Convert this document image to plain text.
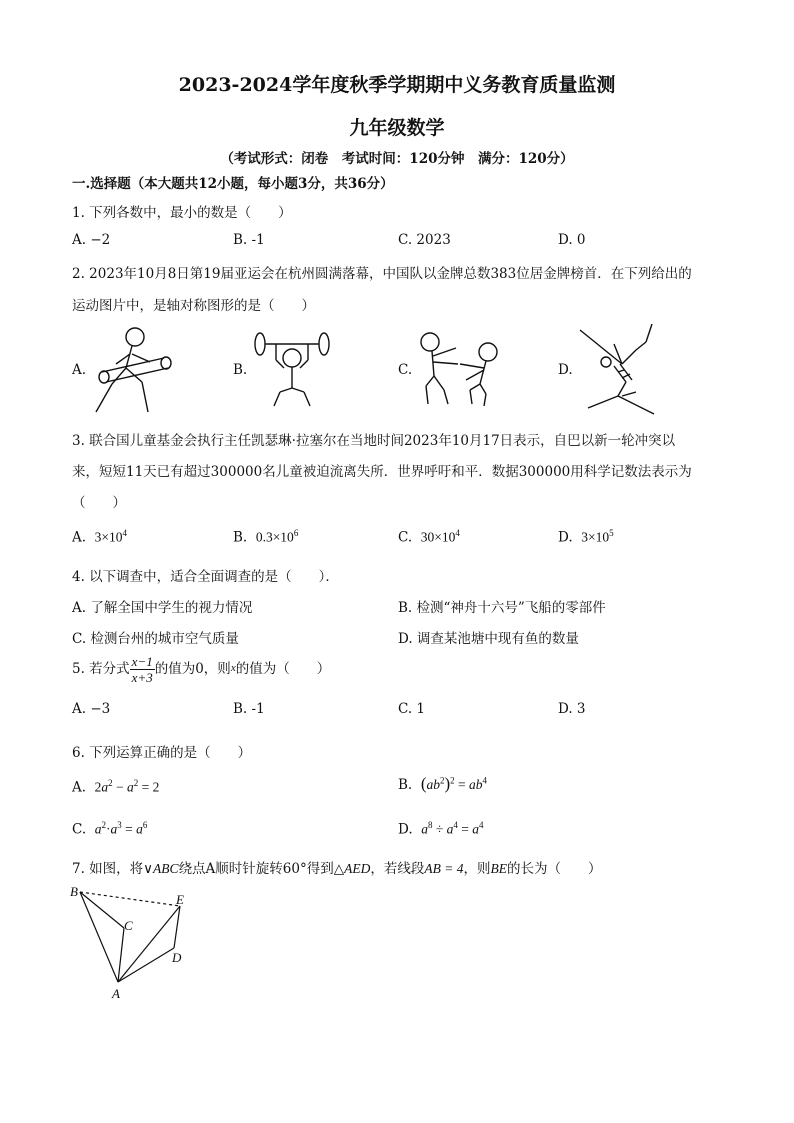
2023-2024学年度秋季学期期中义务教育质量监测
九年级数学
（考试形式：闭卷　考试时间：120分钟　满分：120分）
一.选择题（本大题共12小题，每小题3分，共36分）
1. 下列各数中，最小的数是（　　）
A. −2	B. -1	C. 2023	D. 0
2. 2023年10月8日第19届亚运会在杭州圆满落幕，中国队以金牌总数383位居金牌榜首．在下列给出的
运动图片中，是轴对称图形的是（　　）
A.	B.	C.	D.
3. 联合国儿童基金会执行主任凯瑟琳·拉塞尔在当地时间2023年10月17日表示，自巴以新一轮冲突以
来，短短11天已有超过300000名儿童被迫流离失所．世界呼吁和平．数据300000用科学记数法表示为
（　　）
A. $3\times 10^4$	B. $0.3\times 10^6$	C. $30\times 10^4$	D. $3\times 10^5$
4. 以下调查中，适合全面调查的是（　　）．
A. 了解全国中学生的视力情况	B. 检测“神舟十六号”飞船的零部件
C. 检测台州的城市空气质量	D. 调查某池塘中现有鱼的数量
5. 若分式 $\frac{x-1}{x+3}$ 的值为0，则x的值为（　　）
A. −3	B. -1	C. 1	D. 3
6. 下列运算正确的是（　　）
A. $2a^2 - a^2 = 2$	B. $(ab^2)^2 = ab^4$
C. $a^2\cdot a^3 = a^6$	D. $a^8 \div a^4 = a^4$
7. 如图，将∨ABC绕点A顺时针旋转60°得到△AED，若线段AB = 4，则BE的长为（　　）
B
E
C
D
A
